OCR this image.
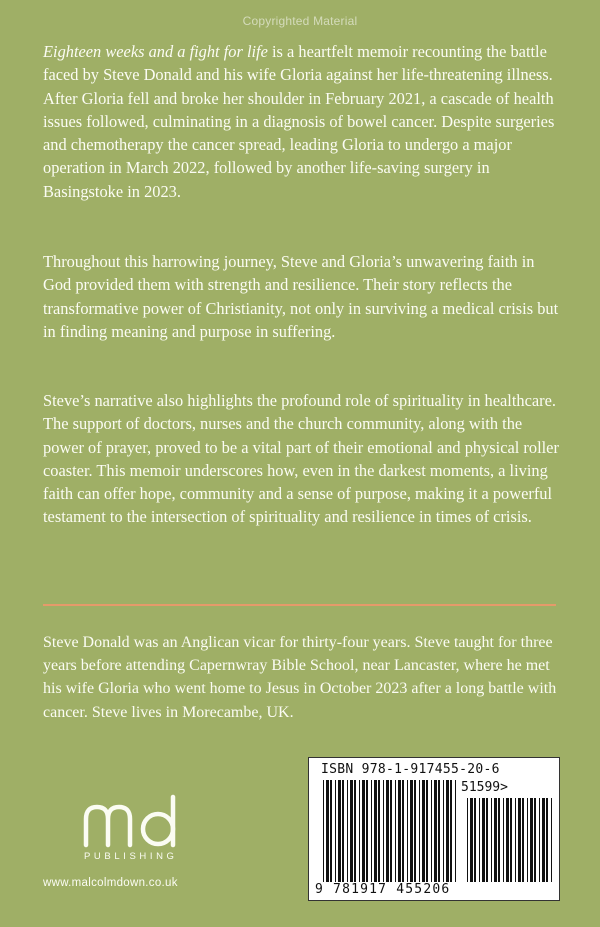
Copyrighted Material

Eighteen weeks and a fight for life is a heartfelt memoir recounting the battle faced by Steve Donald and his wife Gloria against her life-threatening illness. After Gloria fell and broke her shoulder in February 2021, a cascade of health issues followed, culminating in a diagnosis of bowel cancer. Despite surgeries and chemotherapy the cancer spread, leading Gloria to undergo a major operation in March 2022, followed by another life-saving surgery in Basingstoke in 2023.

Throughout this harrowing journey, Steve and Gloria’s unwavering faith in God provided them with strength and resilience. Their story reflects the transformative power of Christianity, not only in surviving a medical crisis but in finding meaning and purpose in suffering.

Steve’s narrative also highlights the profound role of spirituality in healthcare. The support of doctors, nurses and the church community, along with the power of prayer, proved to be a vital part of their emotional and physical roller coaster. This memoir underscores how, even in the darkest moments, a living faith can offer hope, community and a sense of purpose, making it a powerful testament to the intersection of spirituality and resilience in times of crisis.

Steve Donald was an Anglican vicar for thirty-four years. Steve taught for three years before attending Capernwray Bible School, near Lancaster, where he met his wife Gloria who went home to Jesus in October 2023 after a long battle with cancer. Steve lives in Morecambe, UK.

ISBN 978-1-917455-20-6
51599>
9 781917 455206
PUBLISHING
www.malcolmdown.co.uk
